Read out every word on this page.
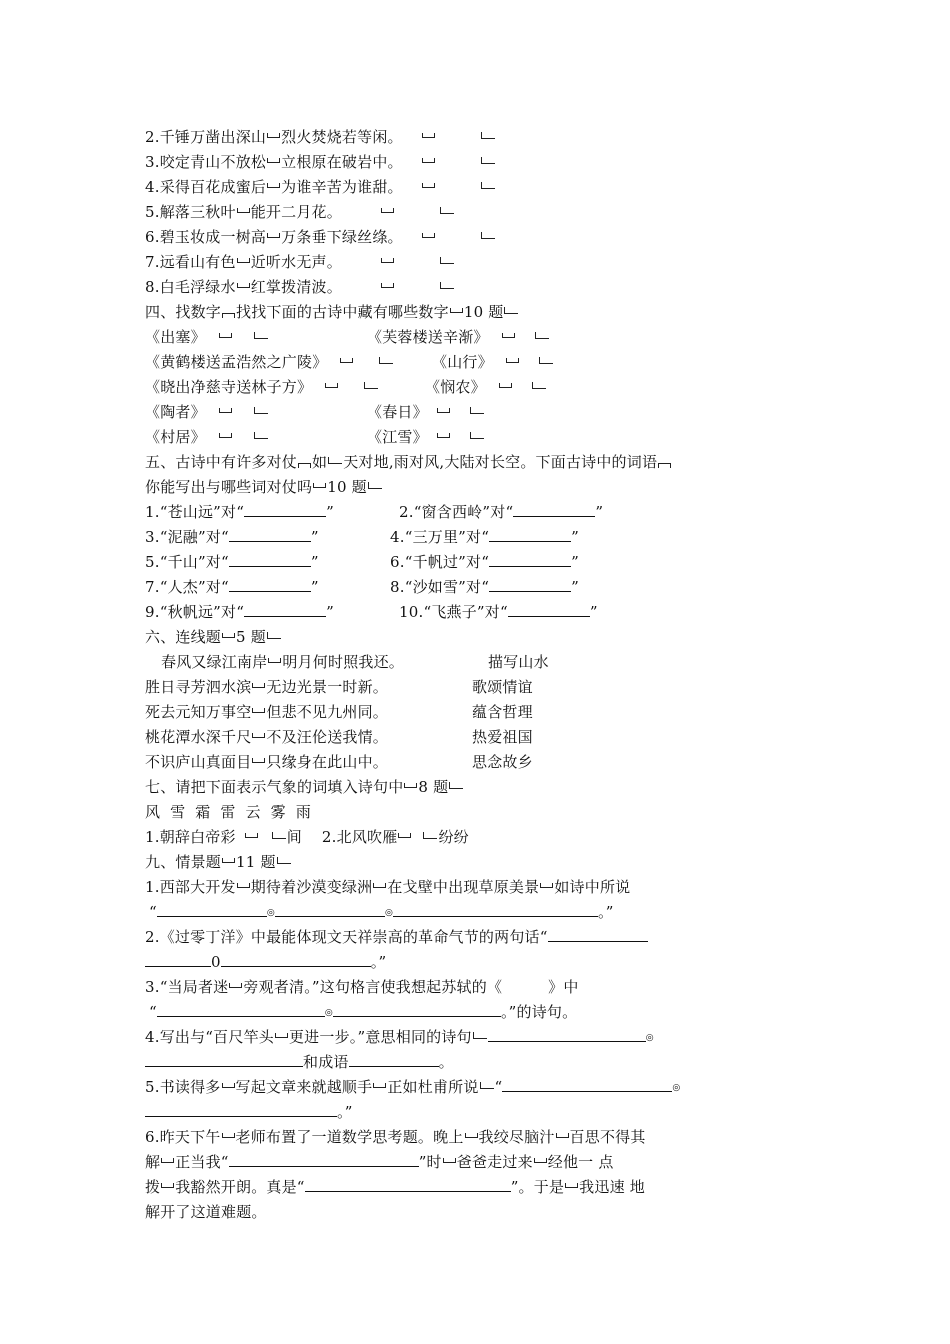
2.千锤万凿出深山 烈火焚烧若等闲。
3.咬定青山不放松 立根原在破岩中。
4.采得百花成蜜后 为谁辛苦为谁甜。
5.解落三秋叶 能开二月花。
6.碧玉妆成一树高 万条垂下绿丝绦。
7.远看山有色 近听水无声。
8.白毛浮绿水 红掌拨清波。
四、找数字 找找下面的古诗中藏有哪些数字 10 题
《出塞》	《芙蓉楼送辛渐》
《黄鹤楼送孟浩然之广陵》	《山行》
《晓出净慈寺送林子方》	《悯农》
《陶者》	《春日》
《村居》	《江雪》
五、古诗中有许多对仗 如 天对地,雨对风,大陆对长空。下面古诗中的词语
你能写出与哪些词对仗吗 10 题
1.“苍山远”对“	”	2.“窗含西岭”对“	”
3.“泥融”对“	”	4.“三万里”对“	”
5.“千山”对“	”	6.“千帆过”对“	”
7.“人杰”对“	”	8.“沙如雪”对“	”
9.“秋帆远”对“	”	10.“飞燕子”对“	”
六、连线题 5 题
春风又绿江南岸 明月何时照我还。	描写山水
胜日寻芳泗水滨 无边光景一时新。	歌颂情谊
死去元知万事空 但悲不见九州同。	蕴含哲理
桃花潭水深千尺 不及汪伦送我情。	热爱祖国
不识庐山真面目 只缘身在此山中。	思念故乡
七、请把下面表示气象的词填入诗句中 8 题
风  雪  霜  雷  云  雾  雨
1.朝辞白帝彩	间 2.北风吹雁	纷纷
九、情景题 11 题
1.西部大开发 期待着沙漠变绿洲 在戈壁中出现草原美景 如诗中所说
“	◎	◎	。”
2.《过零丁洋》中最能体现文天祥崇高的革命气节的两句话“
0	。”
3.“当局者迷 旁观者清。”这句格言使我想起苏轼的《	》中
“	◎	。”的诗句。
4.写出与“百尺竿头 更进一步。”意思相同的诗句	◎
和成语	。
5.书读得多 写起文章来就越顺手 正如杜甫所说 “	◎
。”
6.昨天下午 老师布置了一道数学思考题。晚上 我绞尽脑汁 百思不得其
解 正当我“	”时 爸爸走过来 经他一 点
拨 我豁然开朗。真是“	”。于是 我迅速 地
解开了这道难题。
